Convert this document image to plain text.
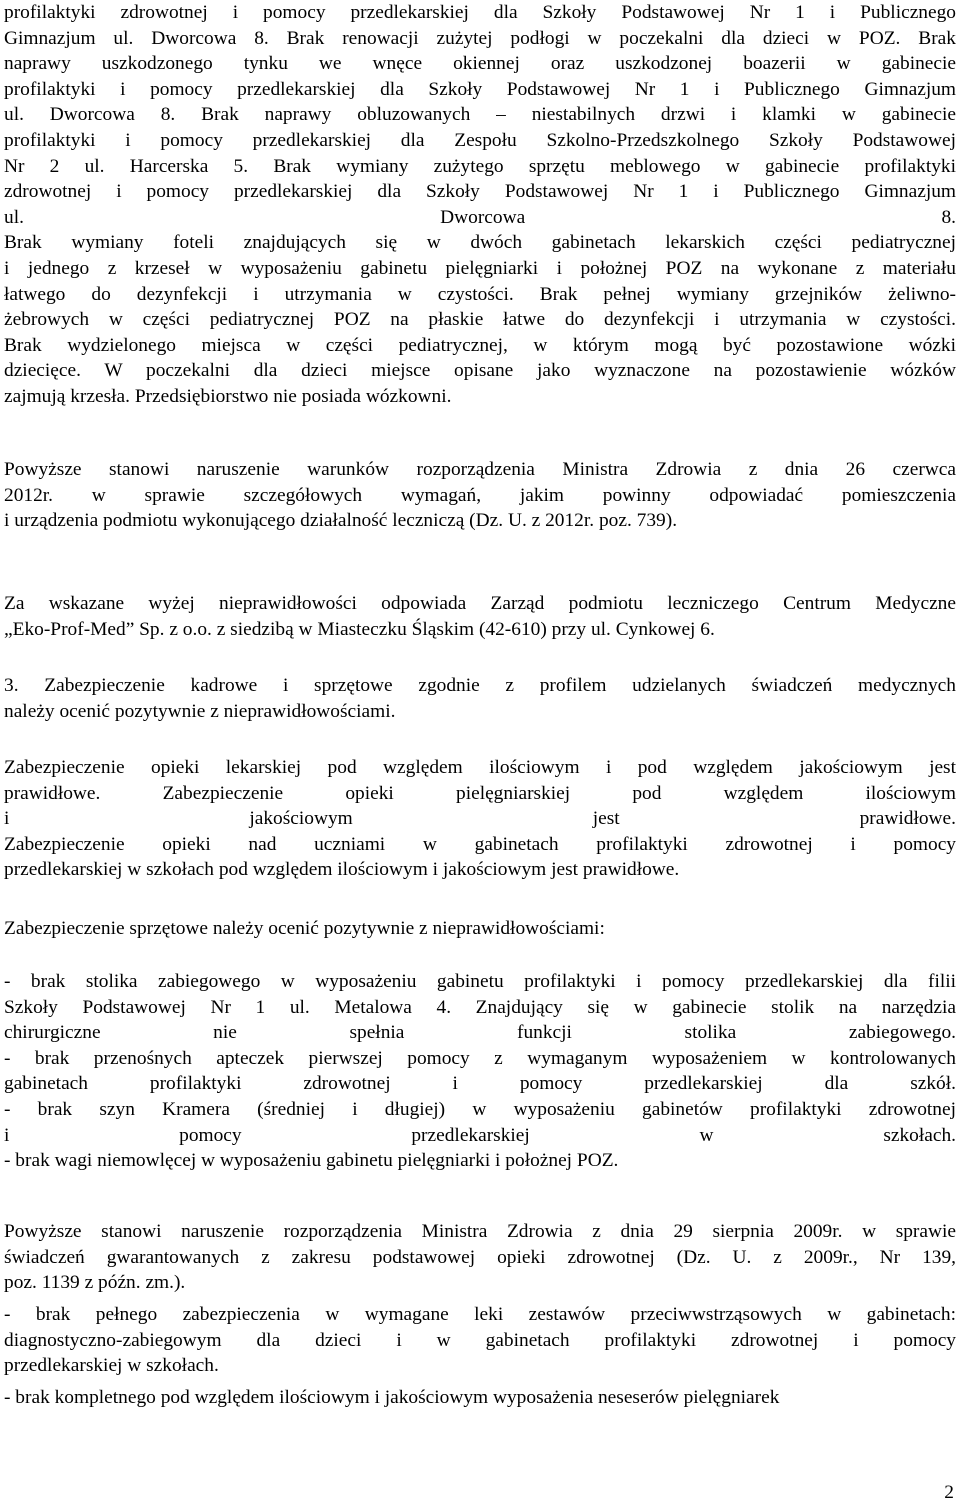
profilaktyki zdrowotnej i pomocy przedlekarskiej dla Szkoły Podstawowej Nr 1 i Publicznego
Gimnazjum ul. Dworcowa 8. Brak renowacji zużytej podłogi w poczekalni dla dzieci w POZ. Brak
naprawy uszkodzonego tynku we wnęce okiennej oraz uszkodzonej boazerii w gabinecie
profilaktyki i pomocy przedlekarskiej dla Szkoły Podstawowej Nr 1 i Publicznego Gimnazjum
ul. Dworcowa 8. Brak naprawy obluzowanych – niestabilnych drzwi i klamki w gabinecie
profilaktyki i pomocy przedlekarskiej dla Zespołu Szkolno-Przedszkolnego Szkoły Podstawowej
Nr 2 ul. Harcerska 5. Brak wymiany zużytego sprzętu meblowego w gabinecie profilaktyki
zdrowotnej i pomocy przedlekarskiej dla Szkoły Podstawowej Nr 1 i Publicznego Gimnazjum
ul. Dworcowa 8.
Brak wymiany foteli znajdujących się w dwóch gabinetach lekarskich części pediatrycznej
i jednego z krzeseł w wyposażeniu gabinetu pielęgniarki i położnej POZ na wykonane z materiału
łatwego do dezynfekcji i utrzymania w czystości. Brak pełnej wymiany grzejników żeliwno-
żebrowych w części pediatrycznej POZ na płaskie łatwe do dezynfekcji i utrzymania w czystości.
Brak wydzielonego miejsca w części pediatrycznej, w którym mogą być pozostawione wózki
dziecięce. W poczekalni dla dzieci miejsce opisane jako wyznaczone na pozostawienie wózków
zajmują krzesła. Przedsiębiorstwo nie posiada wózkowni.
Powyższe stanowi naruszenie warunków rozporządzenia Ministra Zdrowia z dnia 26 czerwca
2012r. w sprawie szczegółowych wymagań, jakim powinny odpowiadać pomieszczenia
i urządzenia podmiotu wykonującego działalność leczniczą (Dz. U. z 2012r. poz. 739).
Za wskazane wyżej nieprawidłowości odpowiada Zarząd podmiotu leczniczego Centrum Medyczne
„Eko-Prof-Med” Sp. z o.o. z siedzibą w Miasteczku Śląskim (42-610) przy ul. Cynkowej 6.
3. Zabezpieczenie kadrowe i sprzętowe zgodnie z profilem udzielanych świadczeń medycznych
należy ocenić pozytywnie z nieprawidłowościami.
Zabezpieczenie opieki lekarskiej pod względem ilościowym i pod względem jakościowym jest
prawidłowe. Zabezpieczenie opieki pielęgniarskiej pod względem ilościowym
i jakościowym jest prawidłowe.
Zabezpieczenie opieki nad uczniami w gabinetach profilaktyki zdrowotnej i pomocy
przedlekarskiej w szkołach pod względem ilościowym i jakościowym jest prawidłowe.
Zabezpieczenie sprzętowe należy ocenić pozytywnie z nieprawidłowościami:
- brak stolika zabiegowego w wyposażeniu gabinetu profilaktyki i pomocy przedlekarskiej dla filii
Szkoły Podstawowej Nr 1 ul. Metalowa 4. Znajdujący się w gabinecie stolik na narzędzia
chirurgiczne nie spełnia funkcji stolika zabiegowego.
- brak przenośnych apteczek pierwszej pomocy z wymaganym wyposażeniem w kontrolowanych
gabinetach profilaktyki zdrowotnej i pomocy przedlekarskiej dla szkół.
- brak szyn Kramera (średniej i długiej) w wyposażeniu gabinetów profilaktyki zdrowotnej
i pomocy przedlekarskiej w szkołach.
- brak wagi niemowlęcej w wyposażeniu gabinetu pielęgniarki i położnej POZ.
Powyższe stanowi naruszenie rozporządzenia Ministra Zdrowia z dnia 29 sierpnia 2009r. w sprawie
świadczeń gwarantowanych z zakresu podstawowej opieki zdrowotnej (Dz. U. z 2009r., Nr 139,
poz. 1139 z późn. zm.).
- brak pełnego zabezpieczenia w wymagane leki zestawów przeciwwstrząsowych w gabinetach:
diagnostyczno-zabiegowym dla dzieci i w gabinetach profilaktyki zdrowotnej i pomocy
przedlekarskiej w szkołach.
- brak kompletnego pod względem ilościowym i jakościowym wyposażenia neseserów pielęgniarek
2
